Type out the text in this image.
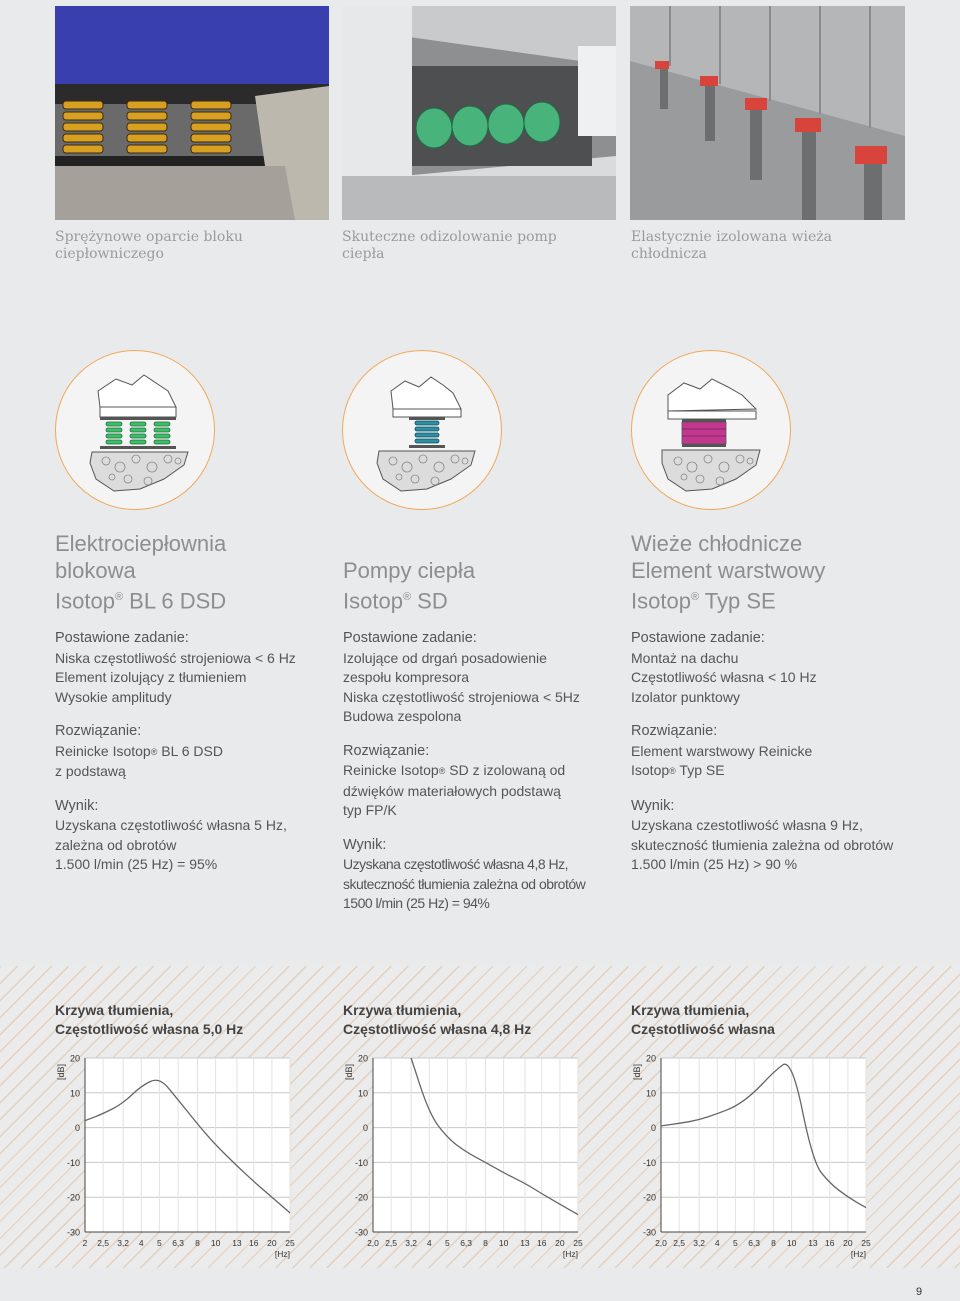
Sprężynowe oparcie bloku
ciepłowniczego
Skuteczne odizolowanie pomp ciepła
Elastycznie izolowana wieża
chłodnicza
Elektrociepłownia
blokowa
Isotop® BL 6 DSD
Postawione zadanie:
Niska częstotliwość strojeniowa < 6 Hz
Element izolujący z tłumieniem
Wysokie amplitudy
Rozwiązanie:
Reinicke Isotop® BL 6 DSD
z podstawą
Wynik:
Uzyskana częstotliwość własna 5 Hz,
zależna od obrotów
1.500 l/min (25 Hz) = 95%
Pompy ciepła
Isotop® SD
Postawione zadanie:
Izolujące od drgań posadowienie
zespołu kompresora
Niska częstotliwość strojeniowa < 5Hz
Budowa zespolona
Rozwiązanie:
Reinicke Isotop® SD z izolowaną od
dźwięków materiałowych podstawą
typ FP/K
Wynik:
Uzyskana częstotliwość własna 4,8 Hz,
skuteczność tłumienia zależna od obrotów
1500 l/min (25 Hz) = 94%
Wieże chłodnicze
Element warstwowy
Isotop® Typ SE
Postawione zadanie:
Montaż na dachu
Częstotliwość własna < 10 Hz
Izolator punktowy
Rozwiązanie:
Element warstwowy Reinicke
Isotop® Typ SE
Wynik:
Uzyskana czestotliwość własna 9 Hz,
skuteczność tłumienia zależna od obrotów
1.500 l/min (25 Hz) > 90 %
Krzywa tłumienia,
Częstotliwość własna 5,0 Hz
Krzywa tłumienia,
Częstotliwość własna 4,8 Hz
Krzywa tłumienia,
Częstotliwość własna
20
10
0
-10
-20
-30
[dB]
2 2,5 3,2 4 5 6,3 8 10 13 16 20 25
[Hz]
20
10
0
-10
-20
-30
[dB]
2,0 2,5 3,2 4 5 6,3 8 10 13 16 20 25
[Hz]
20
10
0
-10
-20
-30
[dB]
2,0 2,5 3,2 4 5 6,3 8 10 13 16 20 25
[Hz]
9
